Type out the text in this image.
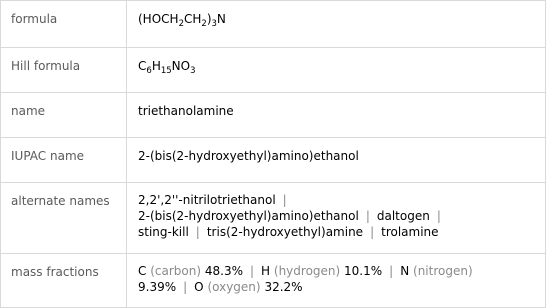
formula	$(HOCH_2CH_2)_3N$
Hill formula	$C_6H_{15}NO_3$
name	triethanolamine
IUPAC name	2-(bis(2-hydroxyethyl)amino)ethanol
alternate names	2,2',2''-nitrilotriethanol |
2-(bis(2-hydroxyethyl)amino)ethanol | daltogen |
sting-kill | tris(2-hydroxyethyl)amine | trolamine
mass fractions	C (carbon) 48.3% | H (hydrogen) 10.1% | N (nitrogen)
9.39% | O (oxygen) 32.2%
